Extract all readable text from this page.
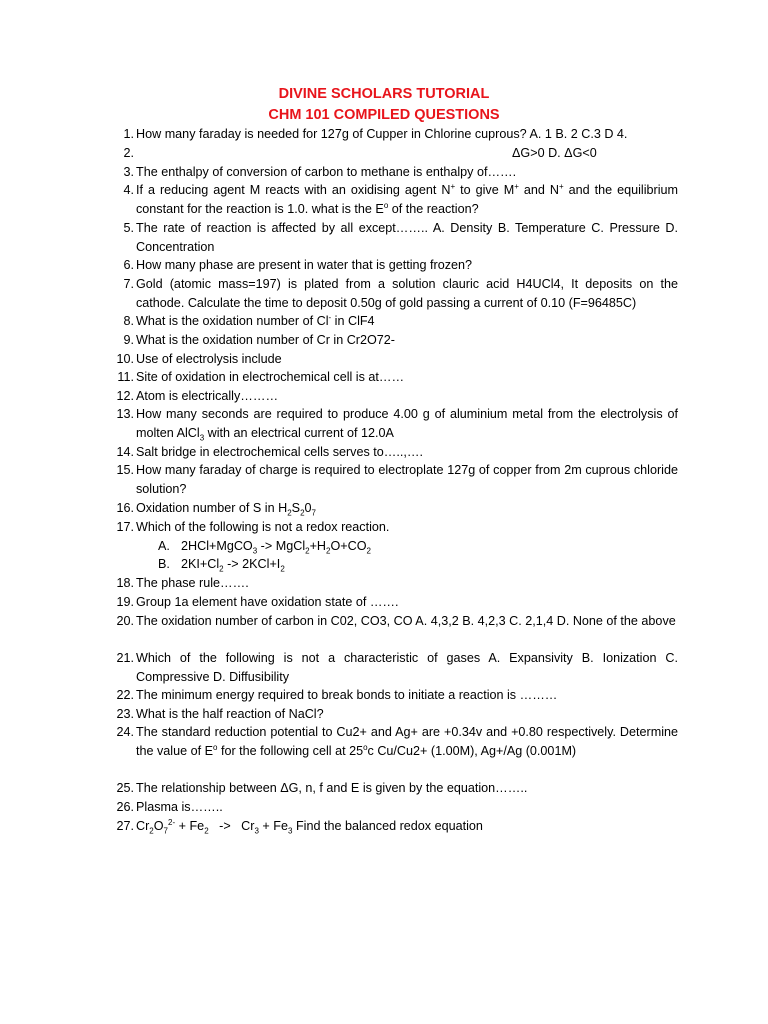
DIVINE SCHOLARS TUTORIAL
CHM 101 COMPILED QUESTIONS
1. How many faraday is needed for 127g of Cupper in Chlorine cuprous? A. 1 B. 2 C.3 D 4.
2.	ΔG>0 D. ΔG<0
3. The enthalpy of conversion of carbon to methane is enthalpy of…….
4. If a reducing agent M reacts with an oxidising agent N+ to give M+ and N+ and the equilibrium constant for the reaction is 1.0. what is the $E^o$ of the reaction?
5. The rate of reaction is affected by all except…….. A. Density B. Temperature C. Pressure D. Concentration
6. How many phase are present in water that is getting frozen?
7. Gold (atomic mass=197) is plated from a solution clauric acid H4UCl4, It deposits on the cathode. Calculate the time to deposit 0.50g of gold passing a current of 0.10 (F=96485C)
8. What is the oxidation number of Cl- in ClF4
9. What is the oxidation number of Cr in Cr2O72-
10. Use of electrolysis include
11. Site of oxidation in electrochemical cell is at……
12. Atom is electrically………
13. How many seconds are required to produce 4.00 g of aluminium metal from the electrolysis of molten AlCl$_3$ with an electrical current of 12.0A
14. Salt bridge in electrochemical cells serves to…..,….
15. How many faraday of charge is required to electroplate 127g of copper from 2m cuprous chloride solution?
16. Oxidation number of S in $H_2S_20_7$
17. Which of the following is not a redox reaction.
A. 2HCl+MgCO$_3$ -> $MgCl_2+H_2O+CO_2$
B. $2KI+Cl_2 -> 2KCl+I_2$
18. The phase rule…….
19. Group 1a element have oxidation state of …….
20. The oxidation number of carbon in C02, CO3, CO A. 4,3,2 B. 4,2,3 C. 2,1,4 D. None of the above
21. Which of the following is not a characteristic of gases A. Expansivity B. Ionization C. Compressive D. Diffusibility
22. The minimum energy required to break bonds to initiate a reaction is ………
23. What is the half reaction of NaCl?
24. The standard reduction potential to Cu2+ and Ag+ are +0.34v and +0.80 respectively. Determine the value of $E^o$ for the following cell at 25$^o$c Cu/Cu2+ (1.00M), Ag+/Ag (0.001M)
25. The relationship between ΔG, n, f and E is given by the equation……..
26. Plasma is……..
27. $Cr_2O_7^{2-} + Fe_2 -> Cr_3 + Fe_3$ Find the balanced redox equation
